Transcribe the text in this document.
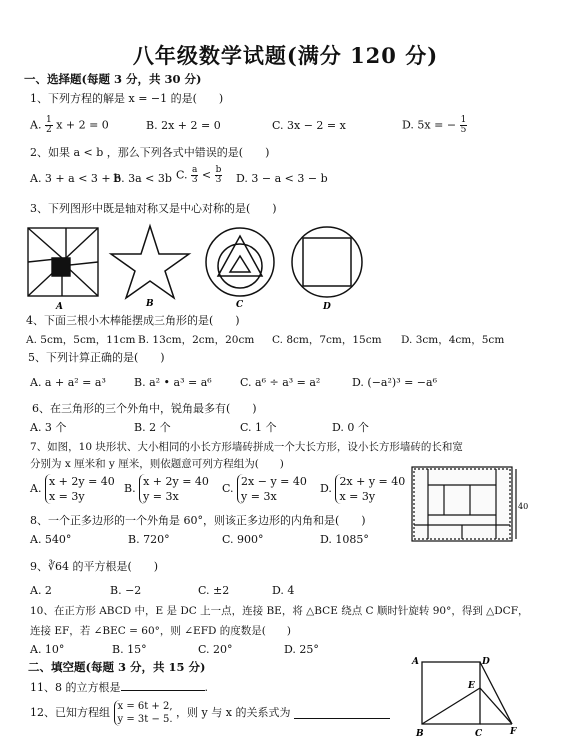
八年级数学试题(满分 120 分)
一、选择题(每题 3 分，共 30 分)
1、下列方程的解是 x = −1 的是(　　)
A. $\frac{1}{2}$ x + 2 = 0	B. 2x + 2 = 0	C. 3x − 2 = x	D. 5x = − $\frac{1}{5}$
2、如果 a < b ，那么下列各式中错误的是(　　)
A. 3 + a < 3 + b
B. 3a < 3b C. $\frac{a}{3} < \frac{b}{3} D$. 3 − a < 3 − b
3、下列图形中既是轴对称又是中心对称的是(　　)
A	B	C	D
40
A	D
E
B	C	F
4、下面三根小木棒能摆成三角形的是(　　)
A. 5cm，5cm，11cm B. 13cm，2cm，20cm C. 8cm，7cm，15cm D. 3cm，4cm，5cm
5、下列计算正确的是(　　)
A. a + a² = a³	B. a² • a³ = a⁶	C. a⁶ ÷ a³ = a²	D. (−a²)³ = −a⁶
6、在三角形的三个外角中，锐角最多有(　　)
A. 3 个	B. 2 个	C. 1 个	D. 0 个
7、如图，10 块形状、大小相同的小长方形墙砖拼成一个大长方形，设小长方形墙砖的长和宽
分别为 x 厘米和 y 厘米，则依题意可列方程组为(　　)
A. x + 2y = 40
x = 3y
B. x + 2y = 40
y = 3x
C. 2x − y = 40
y = 3x
D. 2x + y = 40
x = 3y
8、一个正多边形的一个外角是 60°，则该正多边形的内角和是(　　)
A. 540°	B. 720°	C. 900°	D. 1085°
9、∛64 的平方根是(　　)
A. 2	B. −2	C. ±2	D. 4
10、在正方形 ABCD 中，E 是 DC 上一点，连接 BE，将 △BCE 绕点 C 顺时针旋转 90°，得到 △DCF，
连接 EF，若 ∠BEC = 60°，则 ∠EFD 的度数是(　　)
A. 10°	B. 15°	C. 20°	D. 25°
二、填空题(每题 3 分，共 15 分)
11、8 的立方根是	.
12、已知方程组 x = 6t + 2,
y = 3t − 5. ，则 y 与 x 的关系式为
